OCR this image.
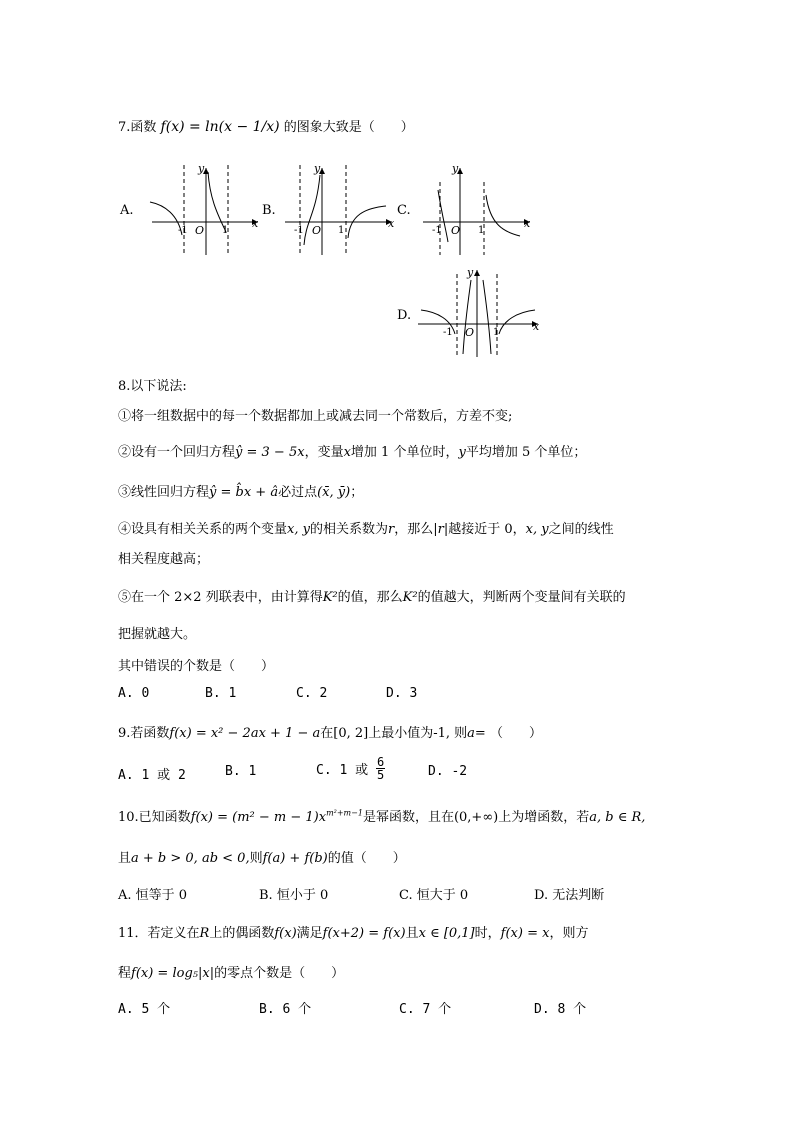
7.函数 f(x) = ln(x − 1/x) 的图象大致是（　　）
A.
-1	1
O
x
y
B.
-1	1
O
x
y
C.
-1	1
O
x
y
D.
-1	1
O	x
y
8.以下说法:
①将一组数据中的每一个数据都加上或减去同一个常数后，方差不变;
②设有一个回归方程ŷ = 3 − 5x，变量x增加 1 个单位时，y平均增加 5 个单位；
③线性回归方程ŷ = b̂x + â必过点(x̄, ȳ)；
④设具有相关关系的两个变量x, y的相关系数为r，那么|r|越接近于 0，x, y之间的线性
相关程度越高；
⑤在一个 2×2 列联表中，由计算得K²的值，那么K²的值越大，判断两个变量间有关联的
把握就越大。
其中错误的个数是（　　）
A. 0	B. 1	C. 2	D. 3
9.若函数f(x) = x² − 2ax + 1 − a在[0, 2]上最小值为-1, 则a= （　　）
A. 1 或 2	B. 1	C. 1 或 $\frac{6}{5}$	D. -2
10.已知函数$f(x) = (m^2 - m - 1)x^{m^2+m-1}$是幂函数，且在(0,+∞)上为增函数，若a, b ∈ R,
且a + b > 0, ab < 0,则f(a) + f(b)的值（　　）
A. 恒等于 0	B. 恒小于 0	C. 恒大于 0	D. 无法判断
11．若定义在R上的偶函数f(x)满足f(x+2) = f(x)且x ∈ [0,1]时，f(x) = x，则方
程f(x) = log₅|x|的零点个数是（　　）
A. 5 个	B. 6 个	C. 7 个	D. 8 个
